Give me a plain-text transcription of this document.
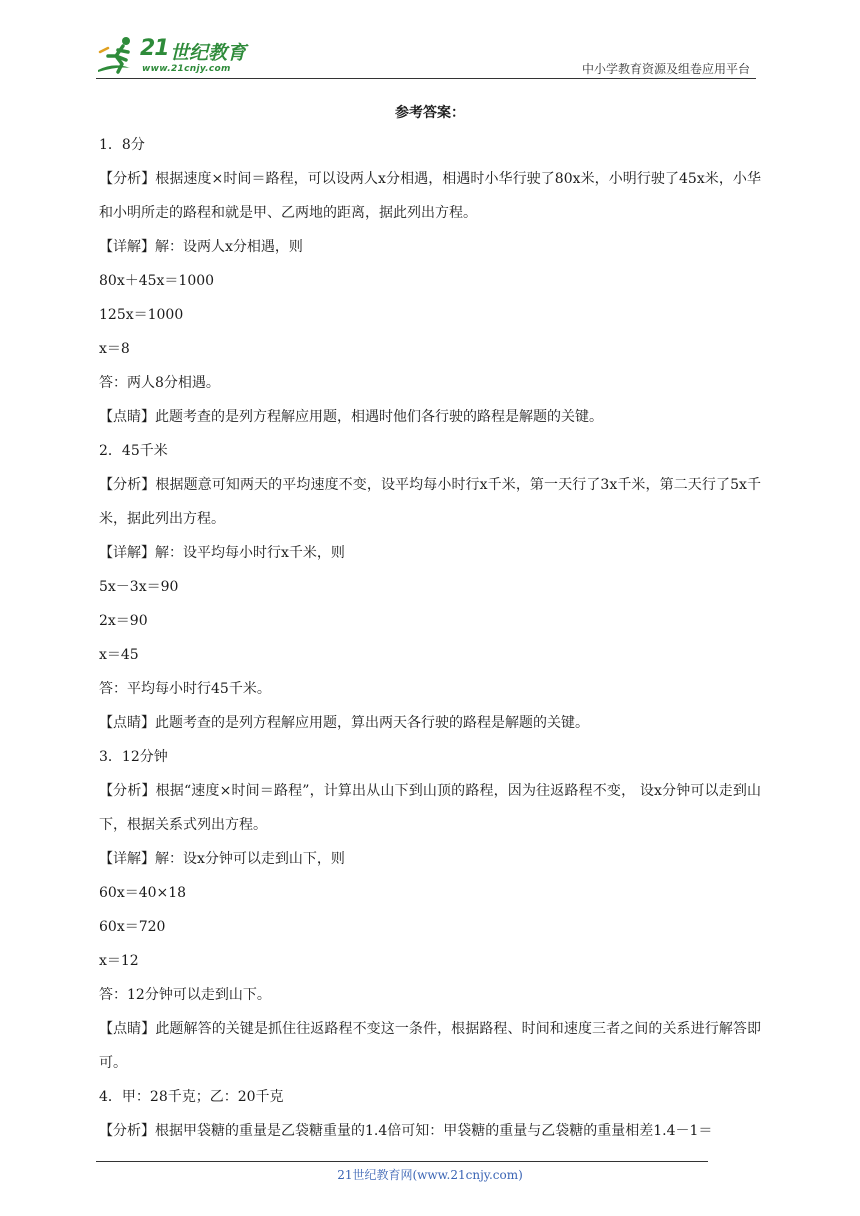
21 世纪教育
www.21cnjy.com	中小学教育资源及组卷应用平台
参考答案：
1．8分
【分析】根据速度×时间＝路程，可以设两人x分相遇，相遇时小华行驶了80x米，小明行驶了45x米，小华和小明所走的路程和就是甲、乙两地的距离，据此列出方程。
【详解】解：设两人x分相遇，则
80x＋45x＝1000
125x＝1000
x＝8
答：两人8分相遇。
【点睛】此题考查的是列方程解应用题，相遇时他们各行驶的路程是解题的关键。
2．45千米
【分析】根据题意可知两天的平均速度不变，设平均每小时行x千米，第一天行了3x千米，第二天行了5x千米，据此列出方程。
【详解】解：设平均每小时行x千米，则
5x－3x＝90
2x＝90
x＝45
答：平均每小时行45千米。
【点睛】此题考查的是列方程解应用题，算出两天各行驶的路程是解题的关键。
3．12分钟
【分析】根据“速度×时间＝路程”，计算出从山下到山顶的路程，因为往返路程不变， 设x分钟可以走到山下，根据关系式列出方程。
【详解】解：设x分钟可以走到山下，则
60x＝40×18
60x＝720
x＝12
答：12分钟可以走到山下。
【点睛】此题解答的关键是抓住往返路程不变这一条件，根据路程、时间和速度三者之间的关系进行解答即可。
4．甲：28千克；乙：20千克
【分析】根据甲袋糖的重量是乙袋糖重量的1.4倍可知：甲袋糖的重量与乙袋糖的重量相差1.4－1＝
21世纪教育网(www.21cnjy.com)
